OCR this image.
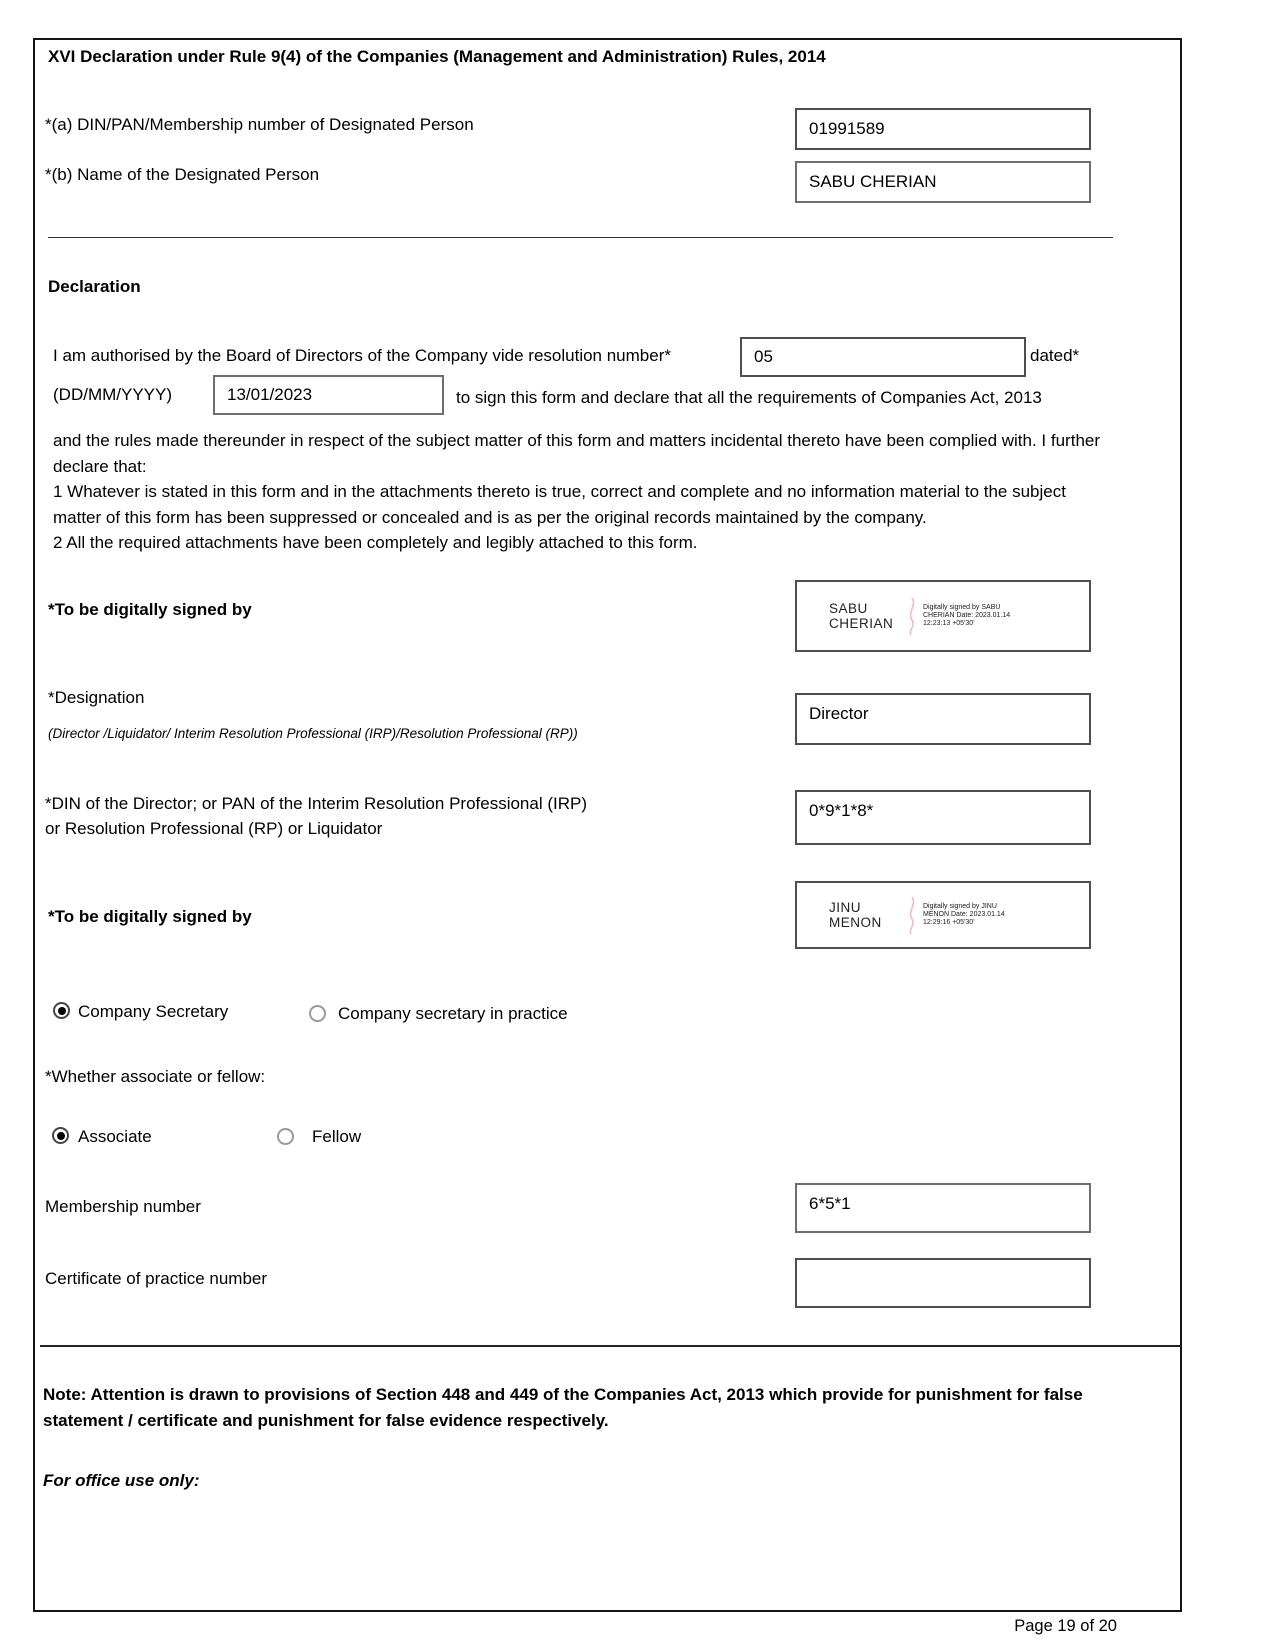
XVI Declaration under Rule 9(4) of the Companies (Management and Administration) Rules, 2014
*(a) DIN/PAN/Membership number of Designated Person	01991589
*(b) Name of the Designated Person	SABU CHERIAN
Declaration
I am authorised by the Board of Directors of the Company vide resolution number*	05	dated*
(DD/MM/YYYY)	13/01/2023	to sign this form and declare that all the requirements of Companies Act, 2013
and the rules made thereunder in respect of the subject matter of this form and matters incidental thereto have been complied with. I further declare that:
1 Whatever is stated in this form and in the attachments thereto is true, correct and complete and no information material to the subject matter of this form has been suppressed or concealed and is as per the original records maintained by the company.
2 All the required attachments have been completely and legibly attached to this form.
*To be digitally signed by	SABU CHERIAN
Digitally signed by SABU CHERIAN Date: 2023.01.14 12:23:13 +05'30'
*Designation
(Director /Liquidator/ Interim Resolution Professional (IRP)/Resolution Professional (RP))
Director
*DIN of the Director; or PAN of the Interim Resolution Professional (IRP) or Resolution Professional (RP) or Liquidator
0*9*1*8*
*To be digitally signed by	JINU MENON
Digitally signed by JINU MENON Date: 2023.01.14 12:29:16 +05'30'
Company Secretary	Company secretary in practice
*Whether associate or fellow:
Associate	Fellow
Membership number	6*5*1
Certificate of practice number
Note: Attention is drawn to provisions of Section 448 and 449 of the Companies Act, 2013 which provide for punishment for false statement / certificate and punishment for false evidence respectively.
For office use only:
Page 19 of 20
